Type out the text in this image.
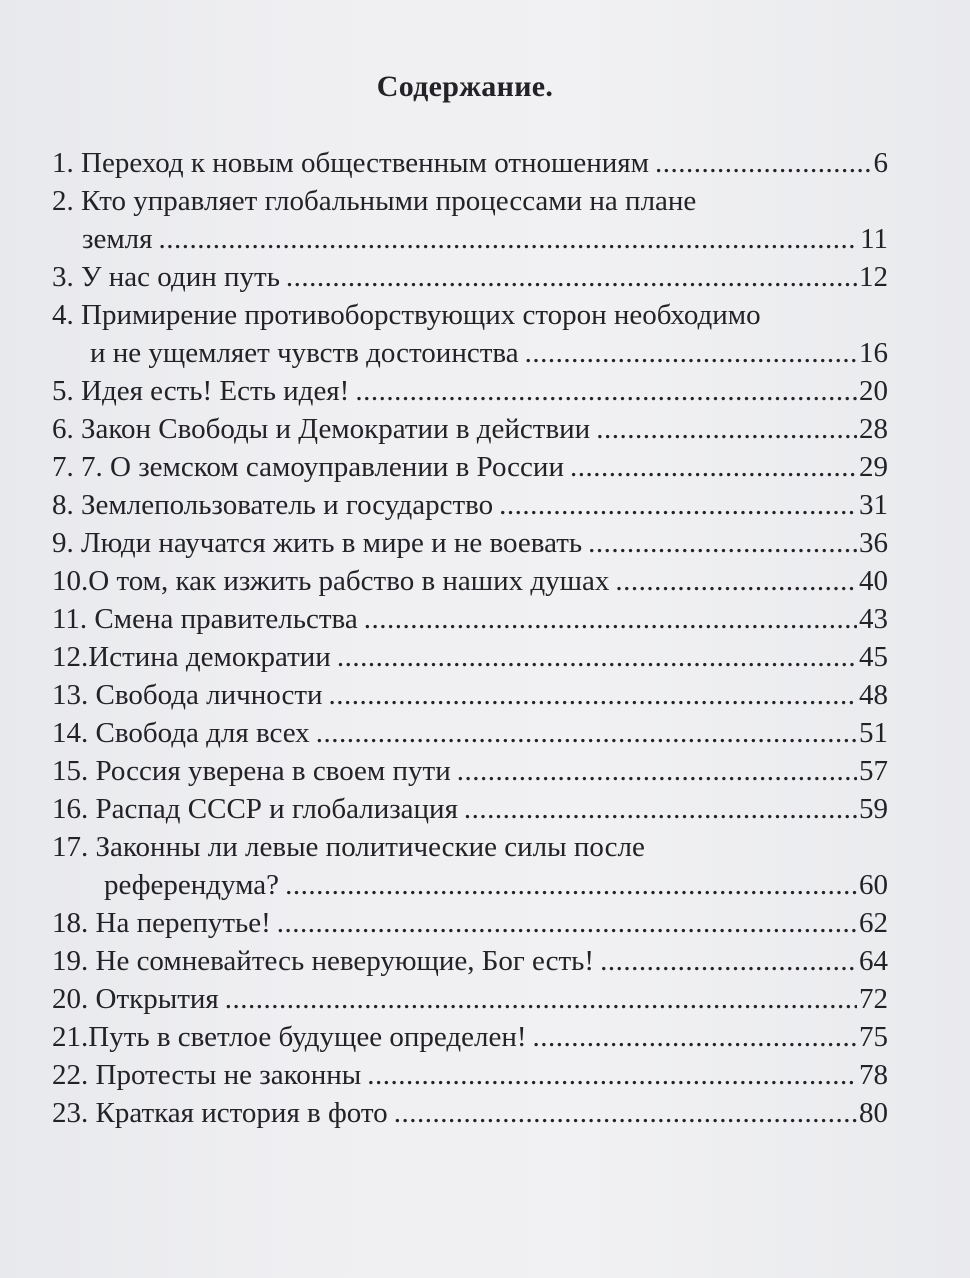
Содержание.
1. Переход к новым общественным отношениям .....	6
2. Кто управляет глобальными процессами на плане
земля .....	11
3. У нас один путь .....	12
4. Примирение противоборствующих сторон необходимо
и не ущемляет чувств достоинства .....	16
5. Идея есть! Есть идея! .....	20
6. Закон Свободы и Демократии в действии .....	28
7. 7. О земском самоуправлении в России .....	29
8. Землепользователь и государство .....	31
9. Люди научатся жить в мире и не воевать .....	36
10.О том, как изжить рабство в наших душах .....	40
11. Смена правительства .....	43
12.Истина демократии .....	45
13. Свобода личности .....	48
14. Свобода для всех .....	51
15. Россия уверена в своем пути .....	57
16. Распад СССР и глобализация .....	59
17. Законны ли левые политические силы после
референдума? .....	60
18. На перепутье! .....	62
19. Не сомневайтесь неверующие, Бог есть! .....	64
20. Открытия .....	72
21.Путь в светлое будущее определен! .....	75
22. Протесты не законны .....	78
23. Краткая история в фото .....	80
